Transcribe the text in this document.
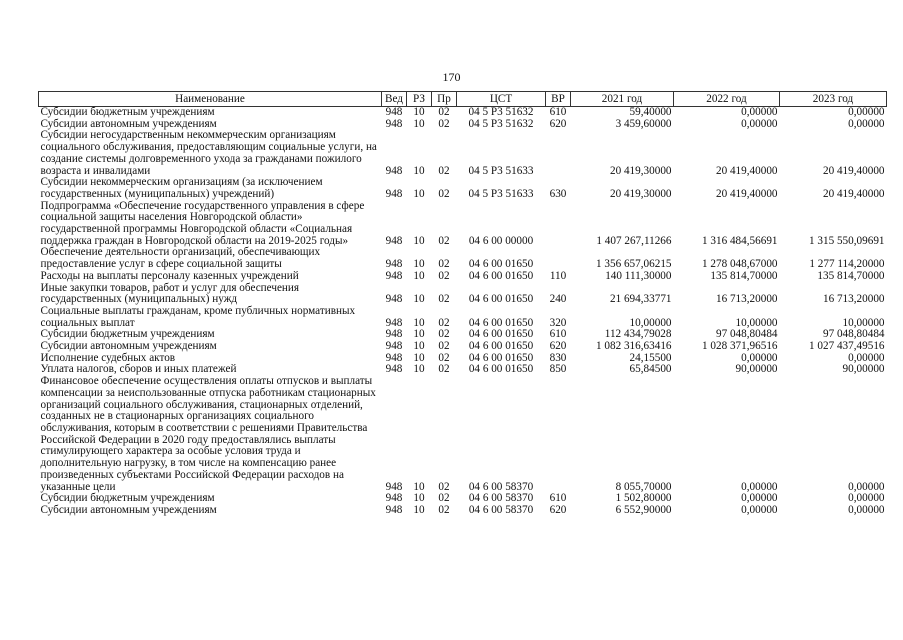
170
Наименование	Вед	РЗ	Пр	ЦСТ	ВР	2021 год	2022 год	2023 год
Субсидии бюджетным учреждениям	948	10	02	04 5 P3 51632	610	59,40000	0,00000	0,00000
Субсидии автономным учреждениям	948	10	02	04 5 P3 51632	620	3 459,60000	0,00000	0,00000
Субсидии негосударственным некоммерческим организациям социального обслуживания, предоставляющим социальные услуги, на создание системы долговременного ухода за гражданами пожилого возраста и инвалидами	948	10	02	04 5 P3 51633		20 419,30000	20 419,40000	20 419,40000
Субсидии некоммерческим организациям (за исключением государственных (муниципальных) учреждений)	948	10	02	04 5 P3 51633	630	20 419,30000	20 419,40000	20 419,40000
Подпрограмма «Обеспечение государственного управления в сфере социальной защиты населения Новгородской области» государственной программы Новгородской области «Социальная поддержка граждан в Новгородской области на 2019-2025 годы»	948	10	02	04 6 00 00000		1 407 267,11266	1 316 484,56691	1 315 550,09691
Обеспечение деятельности организаций, обеспечивающих предоставление услуг в сфере социальной защиты	948	10	02	04 6 00 01650		1 356 657,06215	1 278 048,67000	1 277 114,20000
Расходы на выплаты персоналу казенных учреждений	948	10	02	04 6 00 01650	110	140 111,30000	135 814,70000	135 814,70000
Иные закупки товаров, работ и услуг для обеспечения государственных (муниципальных) нужд	948	10	02	04 6 00 01650	240	21 694,33771	16 713,20000	16 713,20000
Социальные выплаты гражданам, кроме публичных нормативных социальных выплат	948	10	02	04 6 00 01650	320	10,00000	10,00000	10,00000
Субсидии бюджетным учреждениям	948	10	02	04 6 00 01650	610	112 434,79028	97 048,80484	97 048,80484
Субсидии автономным учреждениям	948	10	02	04 6 00 01650	620	1 082 316,63416	1 028 371,96516	1 027 437,49516
Исполнение судебных актов	948	10	02	04 6 00 01650	830	24,15500	0,00000	0,00000
Уплата налогов, сборов и иных платежей	948	10	02	04 6 00 01650	850	65,84500	90,00000	90,00000
Финансовое обеспечение осуществления оплаты отпусков и выплаты компенсации за неиспользованные отпуска работникам стационарных организаций социального обслуживания, стационарных отделений, созданных не в стационарных организациях социального обслуживания, которым в соответствии с решениями Правительства Российской Федерации в 2020 году предоставлялись выплаты стимулирующего характера за особые условия труда и дополнительную нагрузку, в том числе на компенсацию ранее произведенных субъектами Российской Федерации расходов на указанные цели	948	10	02	04 6 00 58370		8 055,70000	0,00000	0,00000
Субсидии бюджетным учреждениям	948	10	02	04 6 00 58370	610	1 502,80000	0,00000	0,00000
Субсидии автономным учреждениям	948	10	02	04 6 00 58370	620	6 552,90000	0,00000	0,00000
